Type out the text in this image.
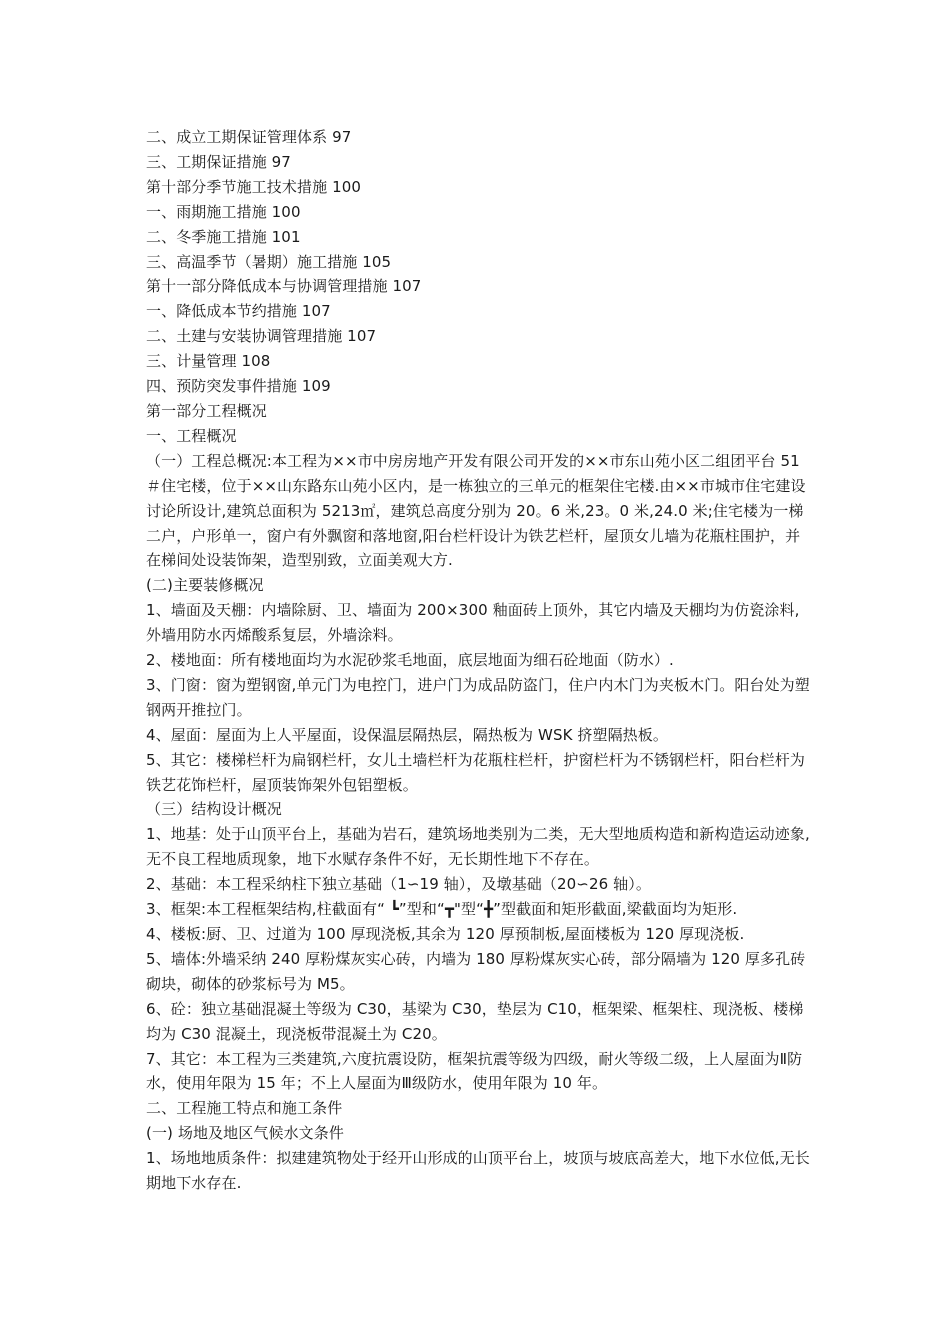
二、成立工期保证管理体系 97
三、工期保证措施 97
第十部分季节施工技术措施 100
一、雨期施工措施 100
二、冬季施工措施 101
三、高温季节（暑期）施工措施 105
第十一部分降低成本与协调管理措施 107
一、降低成本节约措施 107
二、土建与安装协调管理措施 107
三、计量管理 108
四、预防突发事件措施 109
第一部分工程概况
一、工程概况
（一）工程总概况:本工程为××市中房房地产开发有限公司开发的××市东山苑小区二组团平台 51＃住宅楼，位于××山东路东山苑小区内，是一栋独立的三单元的框架住宅楼.由××市城市住宅建设讨论所设计,建筑总面积为 5213㎡，建筑总高度分别为 20。6 米,23。0 米,24.0 米;住宅楼为一梯二户，户形单一，窗户有外飘窗和落地窗,阳台栏杆设计为铁艺栏杆，屋顶女儿墙为花瓶柱围护，并在梯间处设装饰架，造型别致，立面美观大方.
(二)主要装修概况
1、墙面及天棚：内墙除厨、卫、墙面为 200×300 釉面砖上顶外，其它内墙及天棚均为仿瓷涂料,外墙用防水丙烯酸系复层，外墙涂料。
2、楼地面：所有楼地面均为水泥砂浆毛地面，底层地面为细石砼地面（防水）.
3、门窗：窗为塑钢窗,单元门为电控门，进户门为成品防盗门，住户内木门为夹板木门。阳台处为塑钢两开推拉门。
4、屋面：屋面为上人平屋面，设保温层隔热层，隔热板为 WSK 挤塑隔热板。
5、其它：楼梯栏杆为扁钢栏杆，女儿土墙栏杆为花瓶柱栏杆，护窗栏杆为不锈钢栏杆，阳台栏杆为铁艺花饰栏杆，屋顶装饰架外包铝塑板。
（三）结构设计概况
1、地基：处于山顶平台上，基础为岩石，建筑场地类别为二类，无大型地质构造和新构造运动迹象,无不良工程地质现象，地下水赋存条件不好，无长期性地下不存在。
2、基础：本工程采纳柱下独立基础（1∽19 轴），及墩基础（20∽26 轴）。
3、框架:本工程框架结构,柱截面有“ ┗”型和“┳"型“╋”型截面和矩形截面,梁截面均为矩形.
4、楼板:厨、卫、过道为 100 厚现浇板,其余为 120 厚预制板,屋面楼板为 120 厚现浇板.
5、墙体:外墙采纳 240 厚粉煤灰实心砖，内墙为 180 厚粉煤灰实心砖，部分隔墙为 120 厚多孔砖砌块，砌体的砂浆标号为 M5。
6、砼：独立基础混凝土等级为 C30，基梁为 C30，垫层为 C10，框架梁、框架柱、现浇板、楼梯均为 C30 混凝土，现浇板带混凝土为 C20。
7、其它：本工程为三类建筑,六度抗震设防，框架抗震等级为四级，耐火等级二级，上人屋面为Ⅱ防水，使用年限为 15 年；不上人屋面为Ⅲ级防水，使用年限为 10 年。
二、工程施工特点和施工条件
(一) 场地及地区气候水文条件
1、场地地质条件：拟建建筑物处于经开山形成的山顶平台上，坡顶与坡底高差大，地下水位低,无长期地下水存在.
